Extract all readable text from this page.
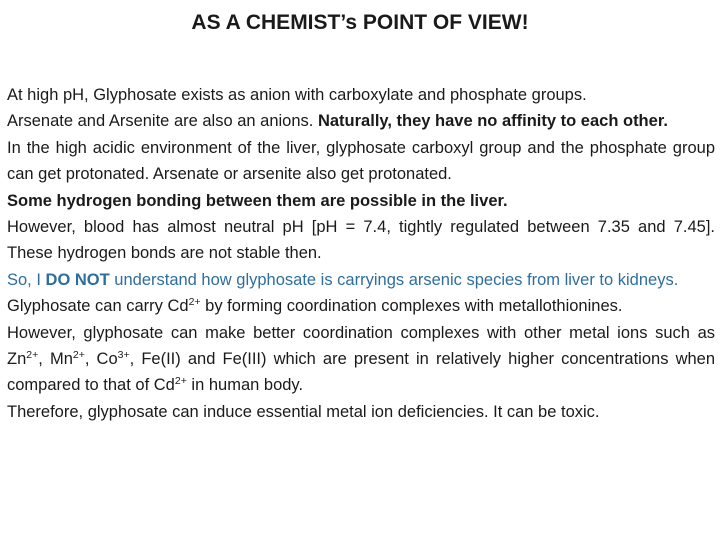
AS A CHEMIST’s POINT OF VIEW!

At high pH, Glyphosate exists as anion with carboxylate and phosphate groups.

Arsenate and Arsenite are also an anions. Naturally, they have no affinity to each other.

In the high acidic environment of the liver, glyphosate carboxyl group and the phosphate group can get protonated. Arsenate or arsenite also get protonated.

Some hydrogen bonding between them are possible in the liver.

However, blood has almost neutral pH [pH = 7.4, tightly regulated between 7.35 and 7.45]. These hydrogen bonds are not stable then.

So, I DO NOT understand how glyphosate is carryings arsenic species from liver to kidneys.

Glyphosate can carry $Cd^{2+}$ by forming coordination complexes with metallothionines.

However, glyphosate can make better coordination complexes with other metal ions such as $Zn^{2+}$, $Mn^{2+}$, $Co^{3+}$, Fe(II) and Fe(III) which are present in relatively higher concentrations when compared to that of $Cd^{2+}$ in human body.

Therefore, glyphosate can induce essential metal ion deficiencies. It can be toxic.
